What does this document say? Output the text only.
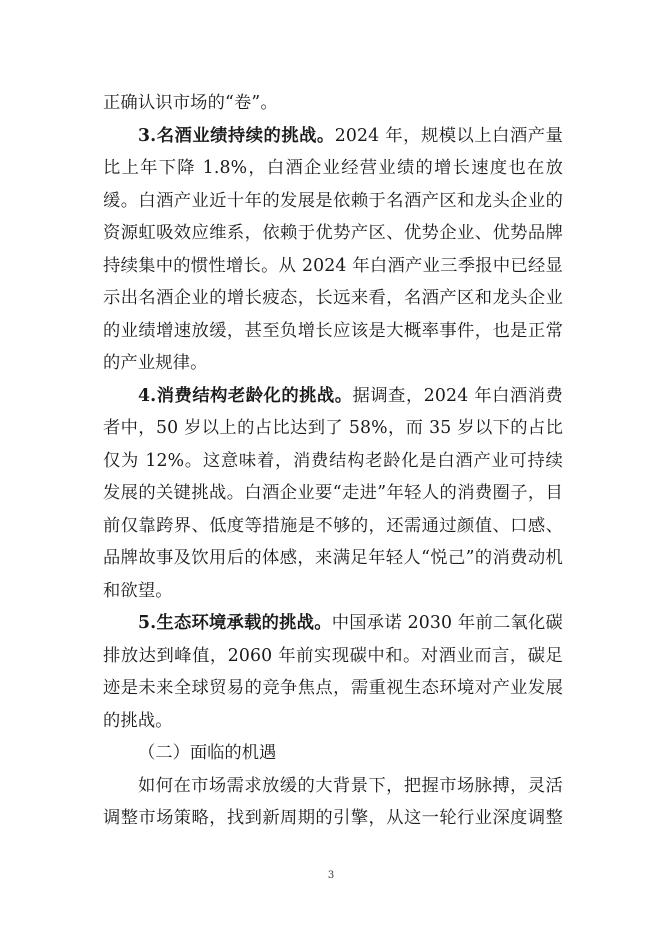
正确认识市场的“卷”。

3.名酒业绩持续的挑战。2024 年，规模以上白酒产量比上年下降 1.8%，白酒企业经营业绩的增长速度也在放缓。白酒产业近十年的发展是依赖于名酒产区和龙头企业的资源虹吸效应维系，依赖于优势产区、优势企业、优势品牌持续集中的惯性增长。从 2024 年白酒产业三季报中已经显示出名酒企业的增长疲态，长远来看，名酒产区和龙头企业的业绩增速放缓，甚至负增长应该是大概率事件，也是正常的产业规律。

4.消费结构老龄化的挑战。据调查，2024 年白酒消费者中，50 岁以上的占比达到了 58%，而 35 岁以下的占比仅为 12%。这意味着，消费结构老龄化是白酒产业可持续发展的关键挑战。白酒企业要“走进”年轻人的消费圈子，目前仅靠跨界、低度等措施是不够的，还需通过颜值、口感、品牌故事及饮用后的体感，来满足年轻人“悦己”的消费动机和欲望。

5.生态环境承载的挑战。中国承诺 2030 年前二氧化碳排放达到峰值，2060 年前实现碳中和。对酒业而言，碳足迹是未来全球贸易的竞争焦点，需重视生态环境对产业发展的挑战。

（二）面临的机遇

如何在市场需求放缓的大背景下，把握市场脉搏，灵活调整市场策略，找到新周期的引擎，从这一轮行业深度调整

3
